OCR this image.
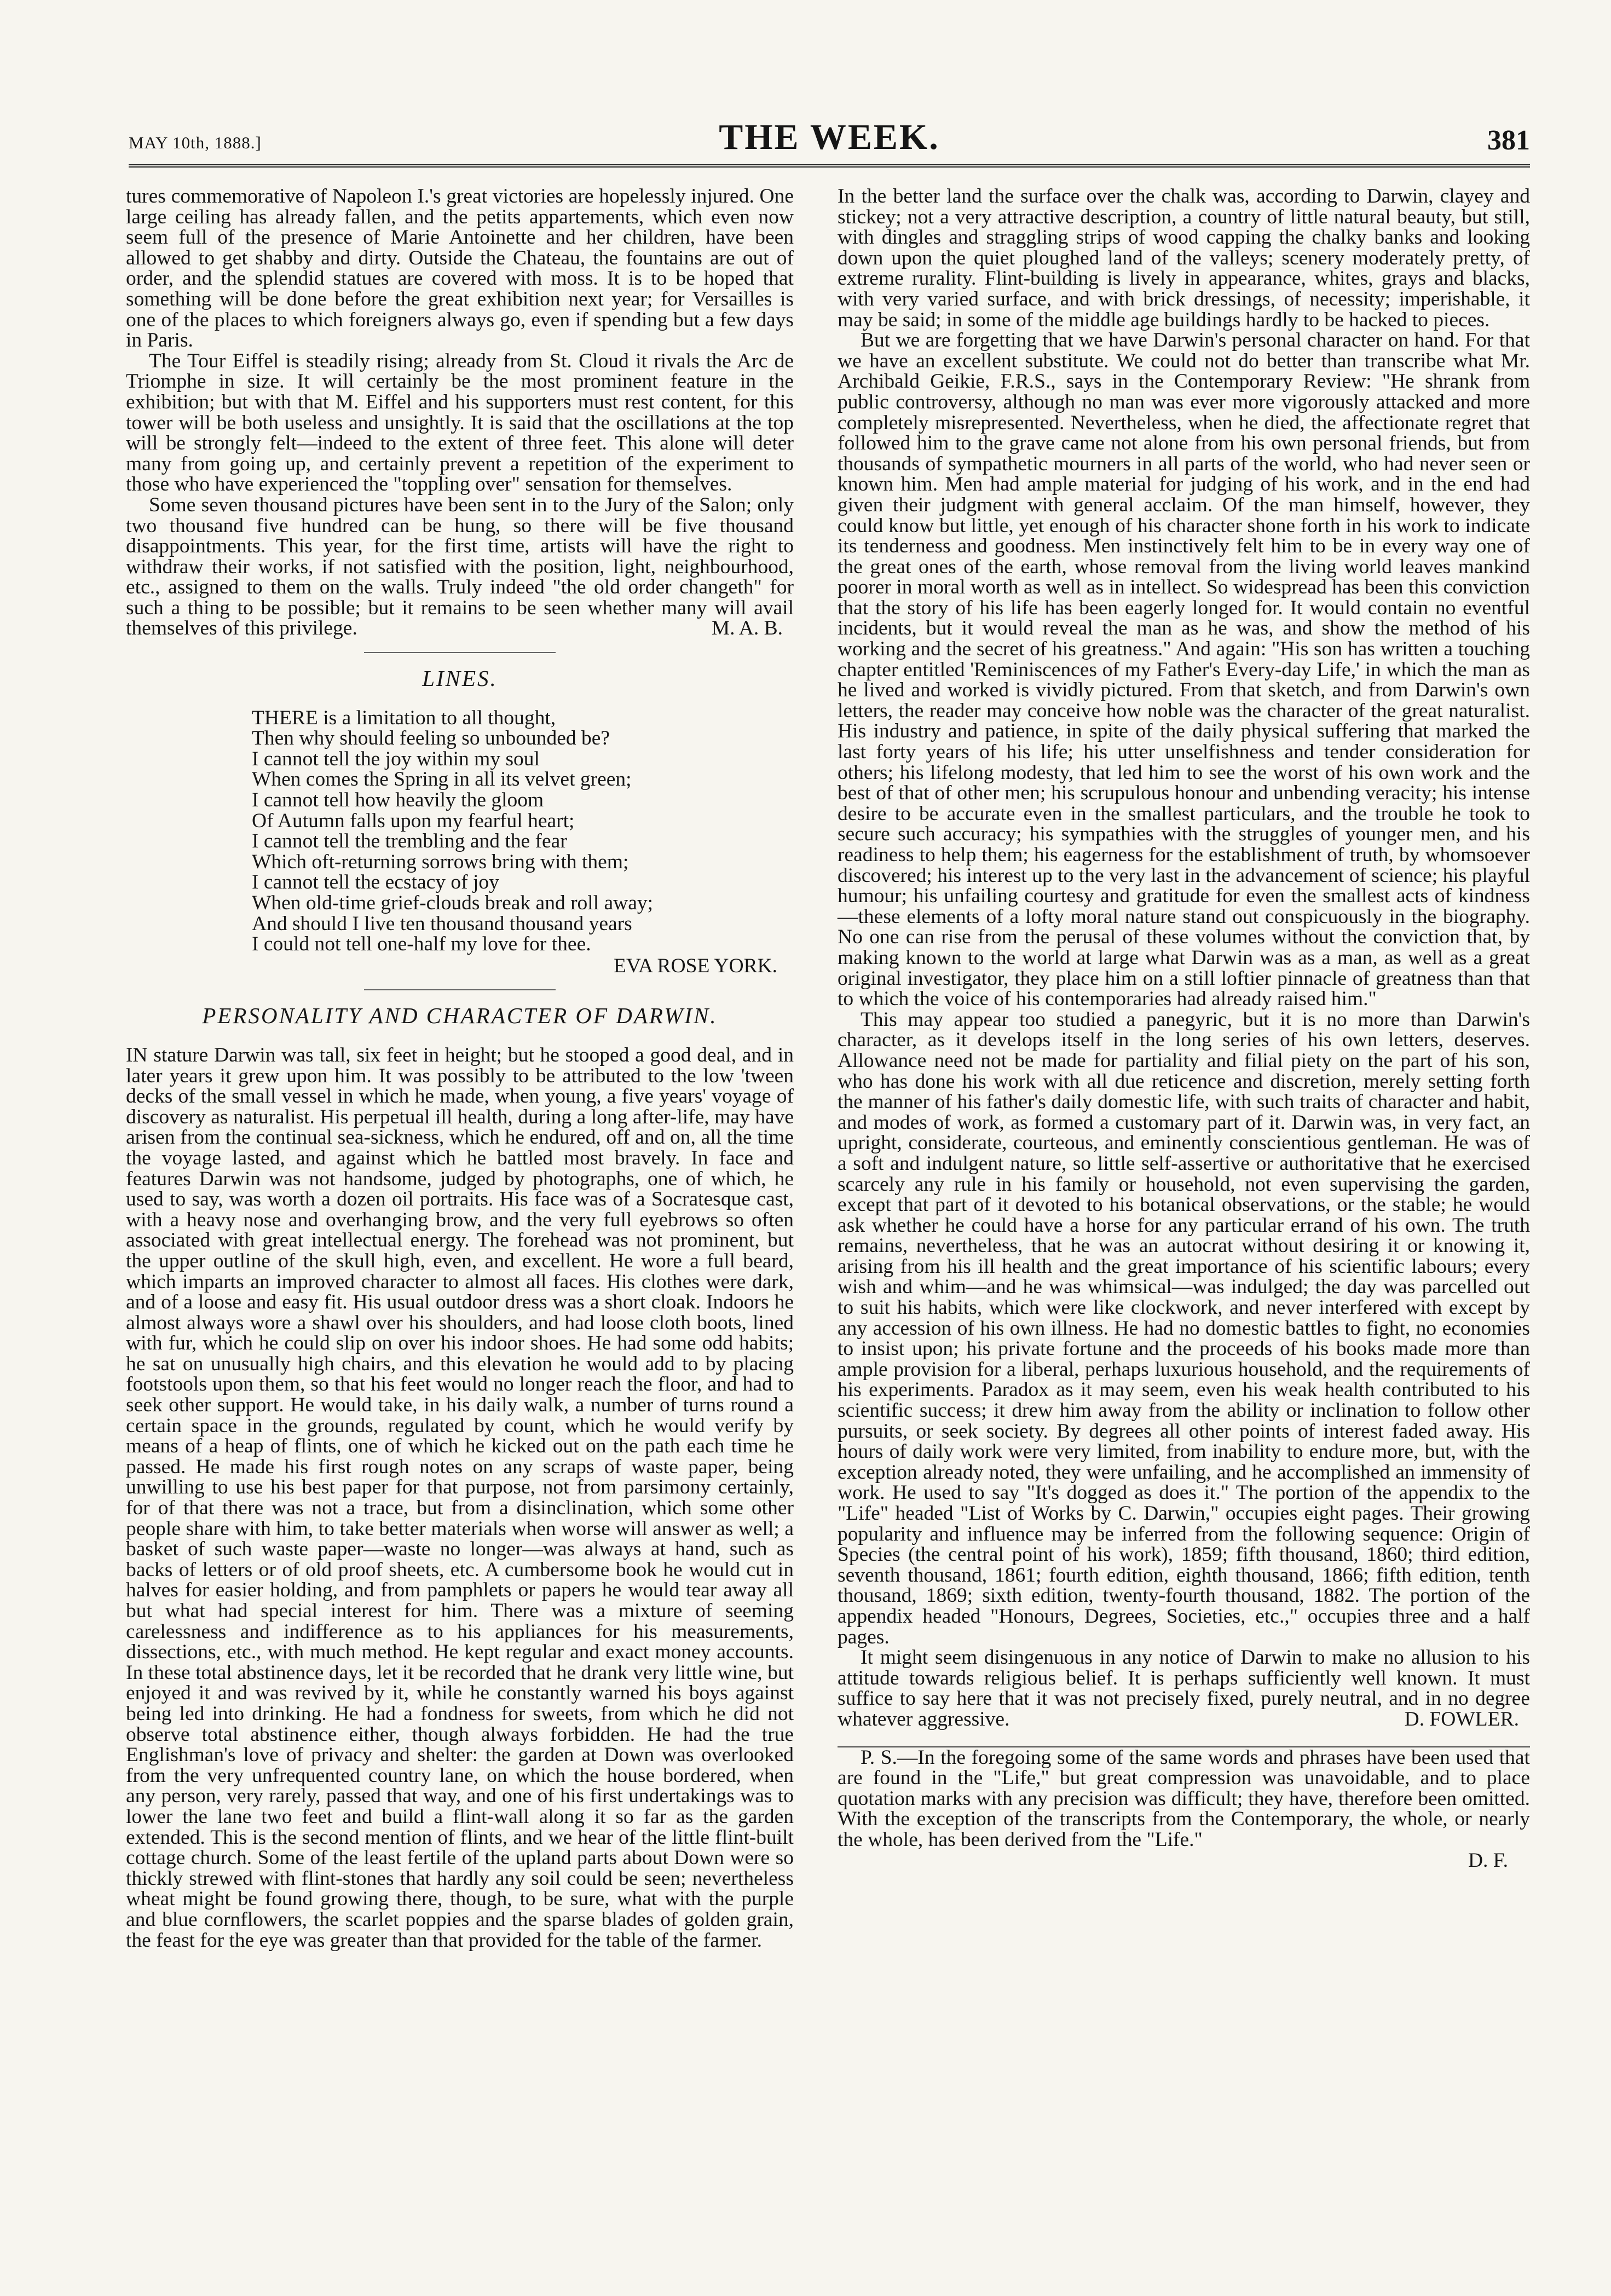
MAY 10th, 1888.]	THE WEEK.	381

tures commemorative of Napoleon I.'s great victories are hopelessly injured. One large ceiling has already fallen, and the petits appartements, which even now seem full of the presence of Marie Antoinette and her children, have been allowed to get shabby and dirty. Outside the Chateau, the fountains are out of order, and the splendid statues are covered with moss. It is to be hoped that something will be done before the great exhibition next year; for Versailles is one of the places to which foreigners always go, even if spending but a few days in Paris.

The Tour Eiffel is steadily rising; already from St. Cloud it rivals the Arc de Triomphe in size. It will certainly be the most prominent feature in the exhibition; but with that M. Eiffel and his supporters must rest content, for this tower will be both useless and unsightly. It is said that the oscillations at the top will be strongly felt—indeed to the extent of three feet. This alone will deter many from going up, and certainly prevent a repetition of the experiment to those who have experienced the "toppling over" sensation for themselves.

Some seven thousand pictures have been sent in to the Jury of the Salon; only two thousand five hundred can be hung, so there will be five thousand disappointments. This year, for the first time, artists will have the right to withdraw their works, if not satisfied with the position, light, neighbourhood, etc., assigned to them on the walls. Truly indeed "the old order changeth" for such a thing to be possible; but it remains to be seen whether many will avail themselves of this privilege.	M. A. B.

LINES.
THERE is a limitation to all thought,
Then why should feeling so unbounded be?
I cannot tell the joy within my soul
When comes the Spring in all its velvet green;
I cannot tell how heavily the gloom
Of Autumn falls upon my fearful heart;
I cannot tell the trembling and the fear
Which oft-returning sorrows bring with them;
I cannot tell the ecstacy of joy
When old-time grief-clouds break and roll away;
And should I live ten thousand thousand years
I could not tell one-half my love for thee.
EVA ROSE YORK.
PERSONALITY AND CHARACTER OF DARWIN.

IN stature Darwin was tall, six feet in height; but he stooped a good deal, and in later years it grew upon him. It was possibly to be attributed to the low 'tween decks of the small vessel in which he made, when young, a five years' voyage of discovery as naturalist. His perpetual ill health, during a long after-life, may have arisen from the continual sea-sickness, which he endured, off and on, all the time the voyage lasted, and against which he battled most bravely. In face and features Darwin was not handsome, judged by photographs, one of which, he used to say, was worth a dozen oil portraits. His face was of a Socratesque cast, with a heavy nose and overhanging brow, and the very full eyebrows so often associated with great intellectual energy. The forehead was not prominent, but the upper outline of the skull high, even, and excellent. He wore a full beard, which imparts an improved character to almost all faces. His clothes were dark, and of a loose and easy fit. His usual outdoor dress was a short cloak. Indoors he almost always wore a shawl over his shoulders, and had loose cloth boots, lined with fur, which he could slip on over his indoor shoes. He had some odd habits; he sat on unusually high chairs, and this elevation he would add to by placing footstools upon them, so that his feet would no longer reach the floor, and had to seek other support. He would take, in his daily walk, a number of turns round a certain space in the grounds, regulated by count, which he would verify by means of a heap of flints, one of which he kicked out on the path each time he passed. He made his first rough notes on any scraps of waste paper, being unwilling to use his best paper for that purpose, not from parsimony certainly, for of that there was not a trace, but from a disinclination, which some other people share with him, to take better materials when worse will answer as well; a basket of such waste paper—waste no longer—was always at hand, such as backs of letters or of old proof sheets, etc. A cumbersome book he would cut in halves for easier holding, and from pamphlets or papers he would tear away all but what had special interest for him. There was a mixture of seeming carelessness and indifference as to his appliances for his measurements, dissections, etc., with much method. He kept regular and exact money accounts. In these total abstinence days, let it be recorded that he drank very little wine, but enjoyed it and was revived by it, while he constantly warned his boys against being led into drinking. He had a fondness for sweets, from which he did not observe total abstinence either, though always forbidden. He had the true Englishman's love of privacy and shelter: the garden at Down was overlooked from the very unfrequented country lane, on which the house bordered, when any person, very rarely, passed that way, and one of his first undertakings was to lower the lane two feet and build a flint-wall along it so far as the garden extended. This is the second mention of flints, and we hear of the little flint-built cottage church. Some of the least fertile of the upland parts about Down were so thickly strewed with flint-stones that hardly any soil could be seen; nevertheless wheat might be found growing there, though, to be sure, what with the purple and blue cornflowers, the scarlet poppies and the sparse blades of golden grain, the feast for the eye was greater than that provided for the table of the farmer.

In the better land the surface over the chalk was, according to Darwin, clayey and stickey; not a very attractive description, a country of little natural beauty, but still, with dingles and straggling strips of wood capping the chalky banks and looking down upon the quiet ploughed land of the valleys; scenery moderately pretty, of extreme rurality. Flint-building is lively in appearance, whites, grays and blacks, with very varied surface, and with brick dressings, of necessity; imperishable, it may be said; in some of the middle age buildings hardly to be hacked to pieces.

But we are forgetting that we have Darwin's personal character on hand. For that we have an excellent substitute. We could not do better than transcribe what Mr. Archibald Geikie, F.R.S., says in the Contemporary Review: "He shrank from public controversy, although no man was ever more vigorously attacked and more completely misrepresented. Nevertheless, when he died, the affectionate regret that followed him to the grave came not alone from his own personal friends, but from thousands of sympathetic mourners in all parts of the world, who had never seen or known him. Men had ample material for judging of his work, and in the end had given their judgment with general acclaim. Of the man himself, however, they could know but little, yet enough of his character shone forth in his work to indicate its tenderness and goodness. Men instinctively felt him to be in every way one of the great ones of the earth, whose removal from the living world leaves mankind poorer in moral worth as well as in intellect. So widespread has been this conviction that the story of his life has been eagerly longed for. It would contain no eventful incidents, but it would reveal the man as he was, and show the method of his working and the secret of his greatness." And again: "His son has written a touching chapter entitled 'Reminiscences of my Father's Every-day Life,' in which the man as he lived and worked is vividly pictured. From that sketch, and from Darwin's own letters, the reader may conceive how noble was the character of the great naturalist. His industry and patience, in spite of the daily physical suffering that marked the last forty years of his life; his utter unselfishness and tender consideration for others; his lifelong modesty, that led him to see the worst of his own work and the best of that of other men; his scrupulous honour and unbending veracity; his intense desire to be accurate even in the smallest particulars, and the trouble he took to secure such accuracy; his sympathies with the struggles of younger men, and his readiness to help them; his eagerness for the establishment of truth, by whomsoever discovered; his interest up to the very last in the advancement of science; his playful humour; his unfailing courtesy and gratitude for even the smallest acts of kindness—these elements of a lofty moral nature stand out conspicuously in the biography. No one can rise from the perusal of these volumes without the conviction that, by making known to the world at large what Darwin was as a man, as well as a great original investigator, they place him on a still loftier pinnacle of greatness than that to which the voice of his contemporaries had already raised him."

This may appear too studied a panegyric, but it is no more than Darwin's character, as it develops itself in the long series of his own letters, deserves. Allowance need not be made for partiality and filial piety on the part of his son, who has done his work with all due reticence and discretion, merely setting forth the manner of his father's daily domestic life, with such traits of character and habit, and modes of work, as formed a customary part of it. Darwin was, in very fact, an upright, considerate, courteous, and eminently conscientious gentleman. He was of a soft and indulgent nature, so little self-assertive or authoritative that he exercised scarcely any rule in his family or household, not even supervising the garden, except that part of it devoted to his botanical observations, or the stable; he would ask whether he could have a horse for any particular errand of his own. The truth remains, nevertheless, that he was an autocrat without desiring it or knowing it, arising from his ill health and the great importance of his scientific labours; every wish and whim—and he was whimsical—was indulged; the day was parcelled out to suit his habits, which were like clockwork, and never interfered with except by any accession of his own illness. He had no domestic battles to fight, no economies to insist upon; his private fortune and the proceeds of his books made more than ample provision for a liberal, perhaps luxurious household, and the requirements of his experiments. Paradox as it may seem, even his weak health contributed to his scientific success; it drew him away from the ability or inclination to follow other pursuits, or seek society. By degrees all other points of interest faded away. His hours of daily work were very limited, from inability to endure more, but, with the exception already noted, they were unfailing, and he accomplished an immensity of work. He used to say "It's dogged as does it." The portion of the appendix to the "Life" headed "List of Works by C. Darwin," occupies eight pages. Their growing popularity and influence may be inferred from the following sequence: Origin of Species (the central point of his work), 1859; fifth thousand, 1860; third edition, seventh thousand, 1861; fourth edition, eighth thousand, 1866; fifth edition, tenth thousand, 1869; sixth edition, twenty-fourth thousand, 1882. The portion of the appendix headed "Honours, Degrees, Societies, etc.," occupies three and a half pages.

It might seem disingenuous in any notice of Darwin to make no allusion to his attitude towards religious belief. It is perhaps sufficiently well known. It must suffice to say here that it was not precisely fixed, purely neutral, and in no degree whatever aggressive.	D. FOWLER.

P. S.—In the foregoing some of the same words and phrases have been used that are found in the "Life," but great compression was unavoidable, and to place quotation marks with any precision was difficult; they have, therefore been omitted. With the exception of the transcripts from the Contemporary, the whole, or nearly the whole, has been derived from the "Life."

D. F.
